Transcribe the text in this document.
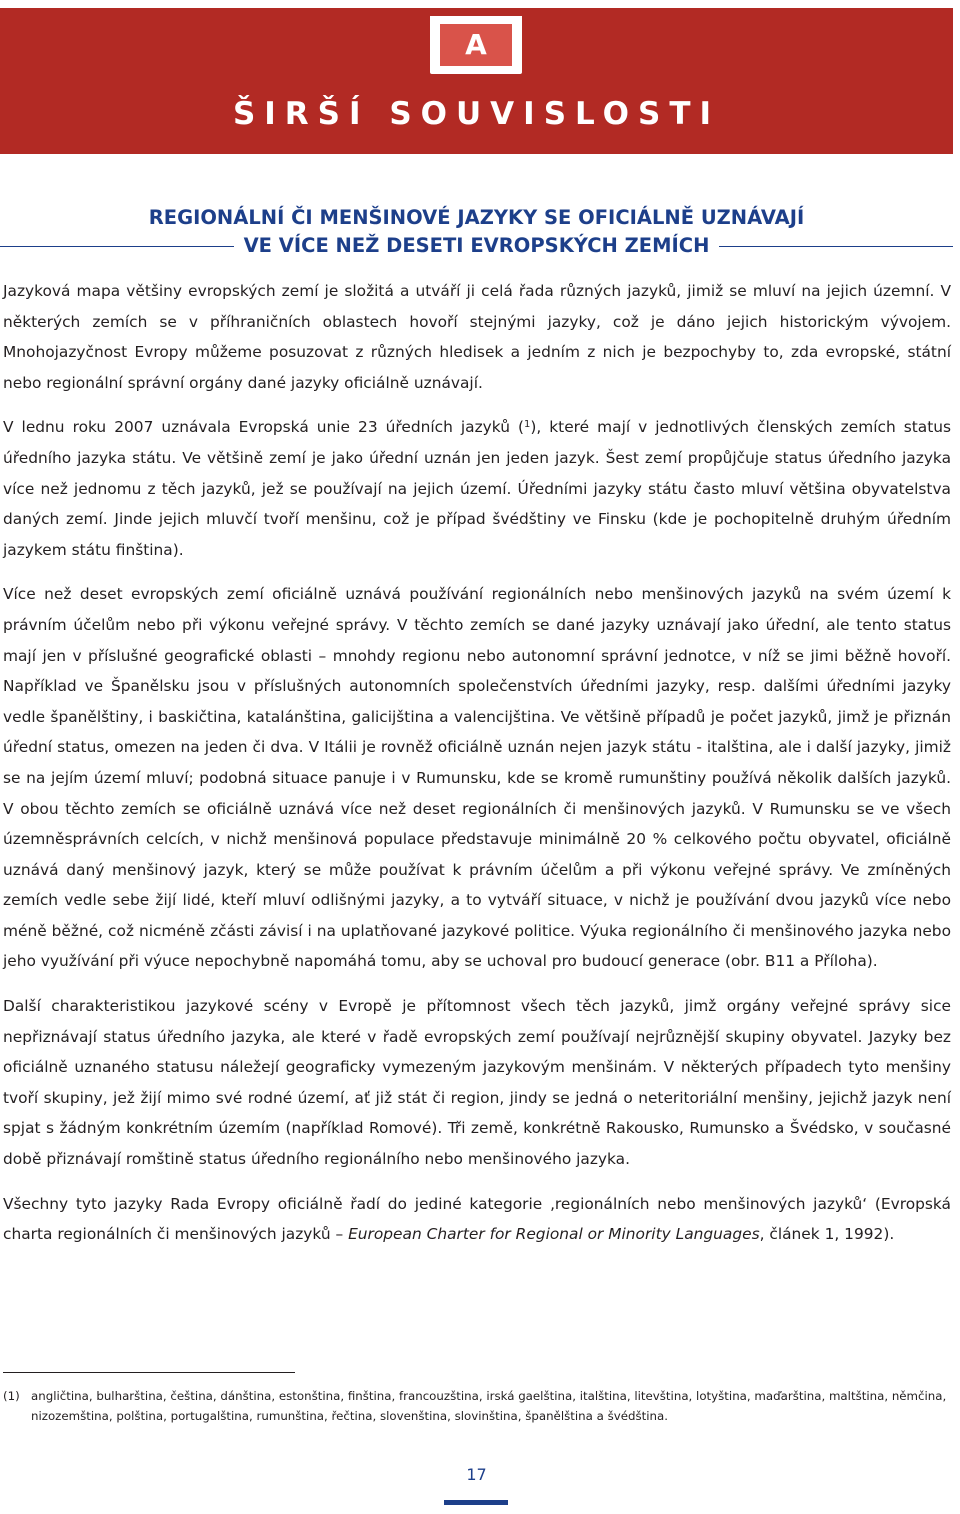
A
ŠIRŠÍ SOUVISLOSTI
REGIONÁLNÍ ČI MENŠINOVÉ JAZYKY SE OFICIÁLNĚ UZNÁVAJÍ
VE VÍCE NEŽ DESETI EVROPSKÝCH ZEMÍCH

Jazyková mapa většiny evropských zemí je složitá a utváří ji celá řada různých jazyků, jimiž se mluví na jejich územní. V některých zemích se v příhraničních oblastech hovoří stejnými jazyky, což je dáno jejich historickým vývojem. Mnohojazyčnost Evropy můžeme posuzovat z různých hledisek a jedním z nich je bezpochyby to, zda evropské, státní nebo regionální správní orgány dané jazyky oficiálně uznávají.

V lednu roku 2007 uznávala Evropská unie 23 úředních jazyků ($^1$), které mají v jednotlivých členských zemích status úředního jazyka státu. Ve většině zemí je jako úřední uznán jen jeden jazyk. Šest zemí propůjčuje status úředního jazyka více než jednomu z těch jazyků, jež se používají na jejich území. Úředními jazyky státu často mluví většina obyvatelstva daných zemí. Jinde jejich mluvčí tvoří menšinu, což je případ švédštiny ve Finsku (kde je pochopitelně druhým úředním jazykem státu finština).

Více než deset evropských zemí oficiálně uznává používání regionálních nebo menšinových jazyků na svém území k právním účelům nebo při výkonu veřejné správy. V těchto zemích se dané jazyky uznávají jako úřední, ale tento status mají jen v příslušné geografické oblasti – mnohdy regionu nebo autonomní správní jednotce, v níž se jimi běžně hovoří. Například ve Španělsku jsou v příslušných autonomních společenstvích úředními jazyky, resp. dalšími úředními jazyky vedle španělštiny, i baskičtina, katalánština, galicijština a valencijština. Ve většině případů je počet jazyků, jimž je přiznán úřední status, omezen na jeden či dva. V Itálii je rovněž oficiálně uznán nejen jazyk státu - italština, ale i další jazyky, jimiž se na jejím území mluví; podobná situace panuje i v Rumunsku, kde se kromě rumunštiny používá několik dalších jazyků. V obou těchto zemích se oficiálně uznává více než deset regionálních či menšinových jazyků. V Rumunsku se ve všech územněsprávních celcích, v nichž menšinová populace představuje minimálně 20 % celkového počtu obyvatel, oficiálně uznává daný menšinový jazyk, který se může používat k právním účelům a při výkonu veřejné správy. Ve zmíněných zemích vedle sebe žijí lidé, kteří mluví odlišnými jazyky, a to vytváří situace, v nichž je používání dvou jazyků více nebo méně běžné, což nicméně zčásti závisí i na uplatňované jazykové politice. Výuka regionálního či menšinového jazyka nebo jeho využívání při výuce nepochybně napomáhá tomu, aby se uchoval pro budoucí generace (obr. B11 a Příloha).

Další charakteristikou jazykové scény v Evropě je přítomnost všech těch jazyků, jimž orgány veřejné správy sice nepřiznávají status úředního jazyka, ale které v řadě evropských zemí používají nejrůznější skupiny obyvatel. Jazyky bez oficiálně uznaného statusu náležejí geograficky vymezeným jazykovým menšinám. V některých případech tyto menšiny tvoří skupiny, jež žijí mimo své rodné území, ať již stát či region, jindy se jedná o neteritoriální menšiny, jejichž jazyk není spjat s žádným konkrétním územím (například Romové). Tři země, konkrétně Rakousko, Rumunsko a Švédsko, v současné době přiznávají romštině status úředního regionálního nebo menšinového jazyka.

Všechny tyto jazyky Rada Evropy oficiálně řadí do jediné kategorie ‚regionálních nebo menšinových jazyků‘ (Evropská charta regionálních či menšinových jazyků – European Charter for Regional or Minority Languages, článek 1, 1992).

(1) angličtina, bulharština, čeština, dánština, estonština, finština, francouzština, irská gaelština, italština, litevština, lotyština, maďarština, maltština, němčina, nizozemština, polština, portugalština, rumunština, řečtina, slovenština, slovinština, španělština a švédština.
17
